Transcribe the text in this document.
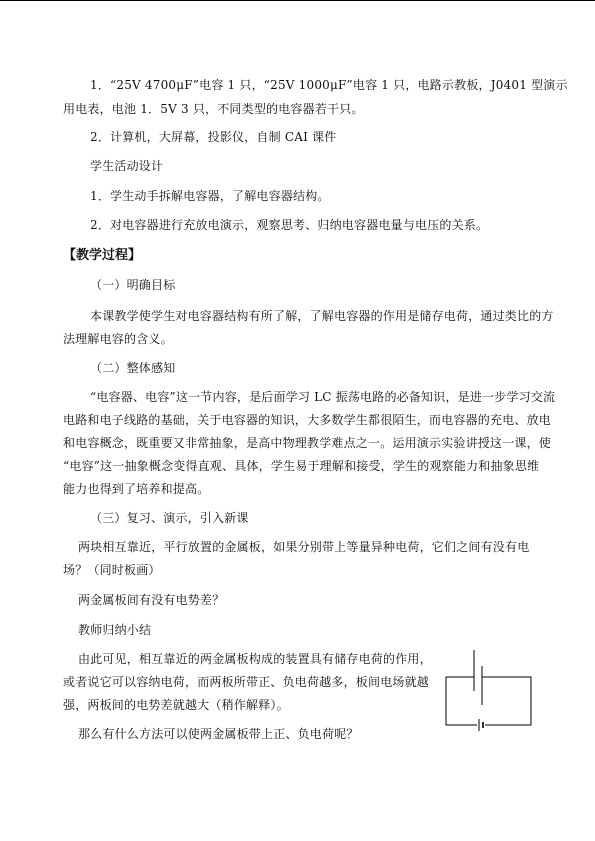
1．“25V 4700μF”电容 1 只，“25V 1000μF”电容 1 只，电路示教板，J0401 型演示
用电表，电池 1．5V 3 只，不同类型的电容器若干只。
2．计算机，大屏幕，投影仪，自制 CAI 课件
学生活动设计
1．学生动手拆解电容器，了解电容器结构。
2．对电容器进行充放电演示，观察思考、归纳电容器电量与电压的关系。
【教学过程】
（一）明确目标
本课教学使学生对电容器结构有所了解，了解电容器的作用是储存电荷，通过类比的方
法理解电容的含义。
（二）整体感知
“电容器、电容”这一节内容，是后面学习 LC 振荡电路的必备知识，是进一步学习交流
电路和电子线路的基础，关于电容器的知识，大多数学生都很陌生，而电容器的充电、放电
和电容概念，既重要又非常抽象，是高中物理教学难点之一。运用演示实验讲授这一课，使
“电容”这一抽象概念变得直观、具体，学生易于理解和接受，学生的观察能力和抽象思维
能力也得到了培养和提高。
（三）复习、演示，引入新课
两块相互靠近，平行放置的金属板，如果分别带上等量异种电荷，它们之间有没有电
场？（同时板画）
两金属板间有没有电势差？
教师归纳小结
由此可见，相互靠近的两金属板构成的装置具有储存电荷的作用，
或者说它可以容纳电荷，而两板所带正、负电荷越多，板间电场就越
强，两板间的电势差就越大（稍作解释）。
那么有什么方法可以使两金属板带上正、负电荷呢？
